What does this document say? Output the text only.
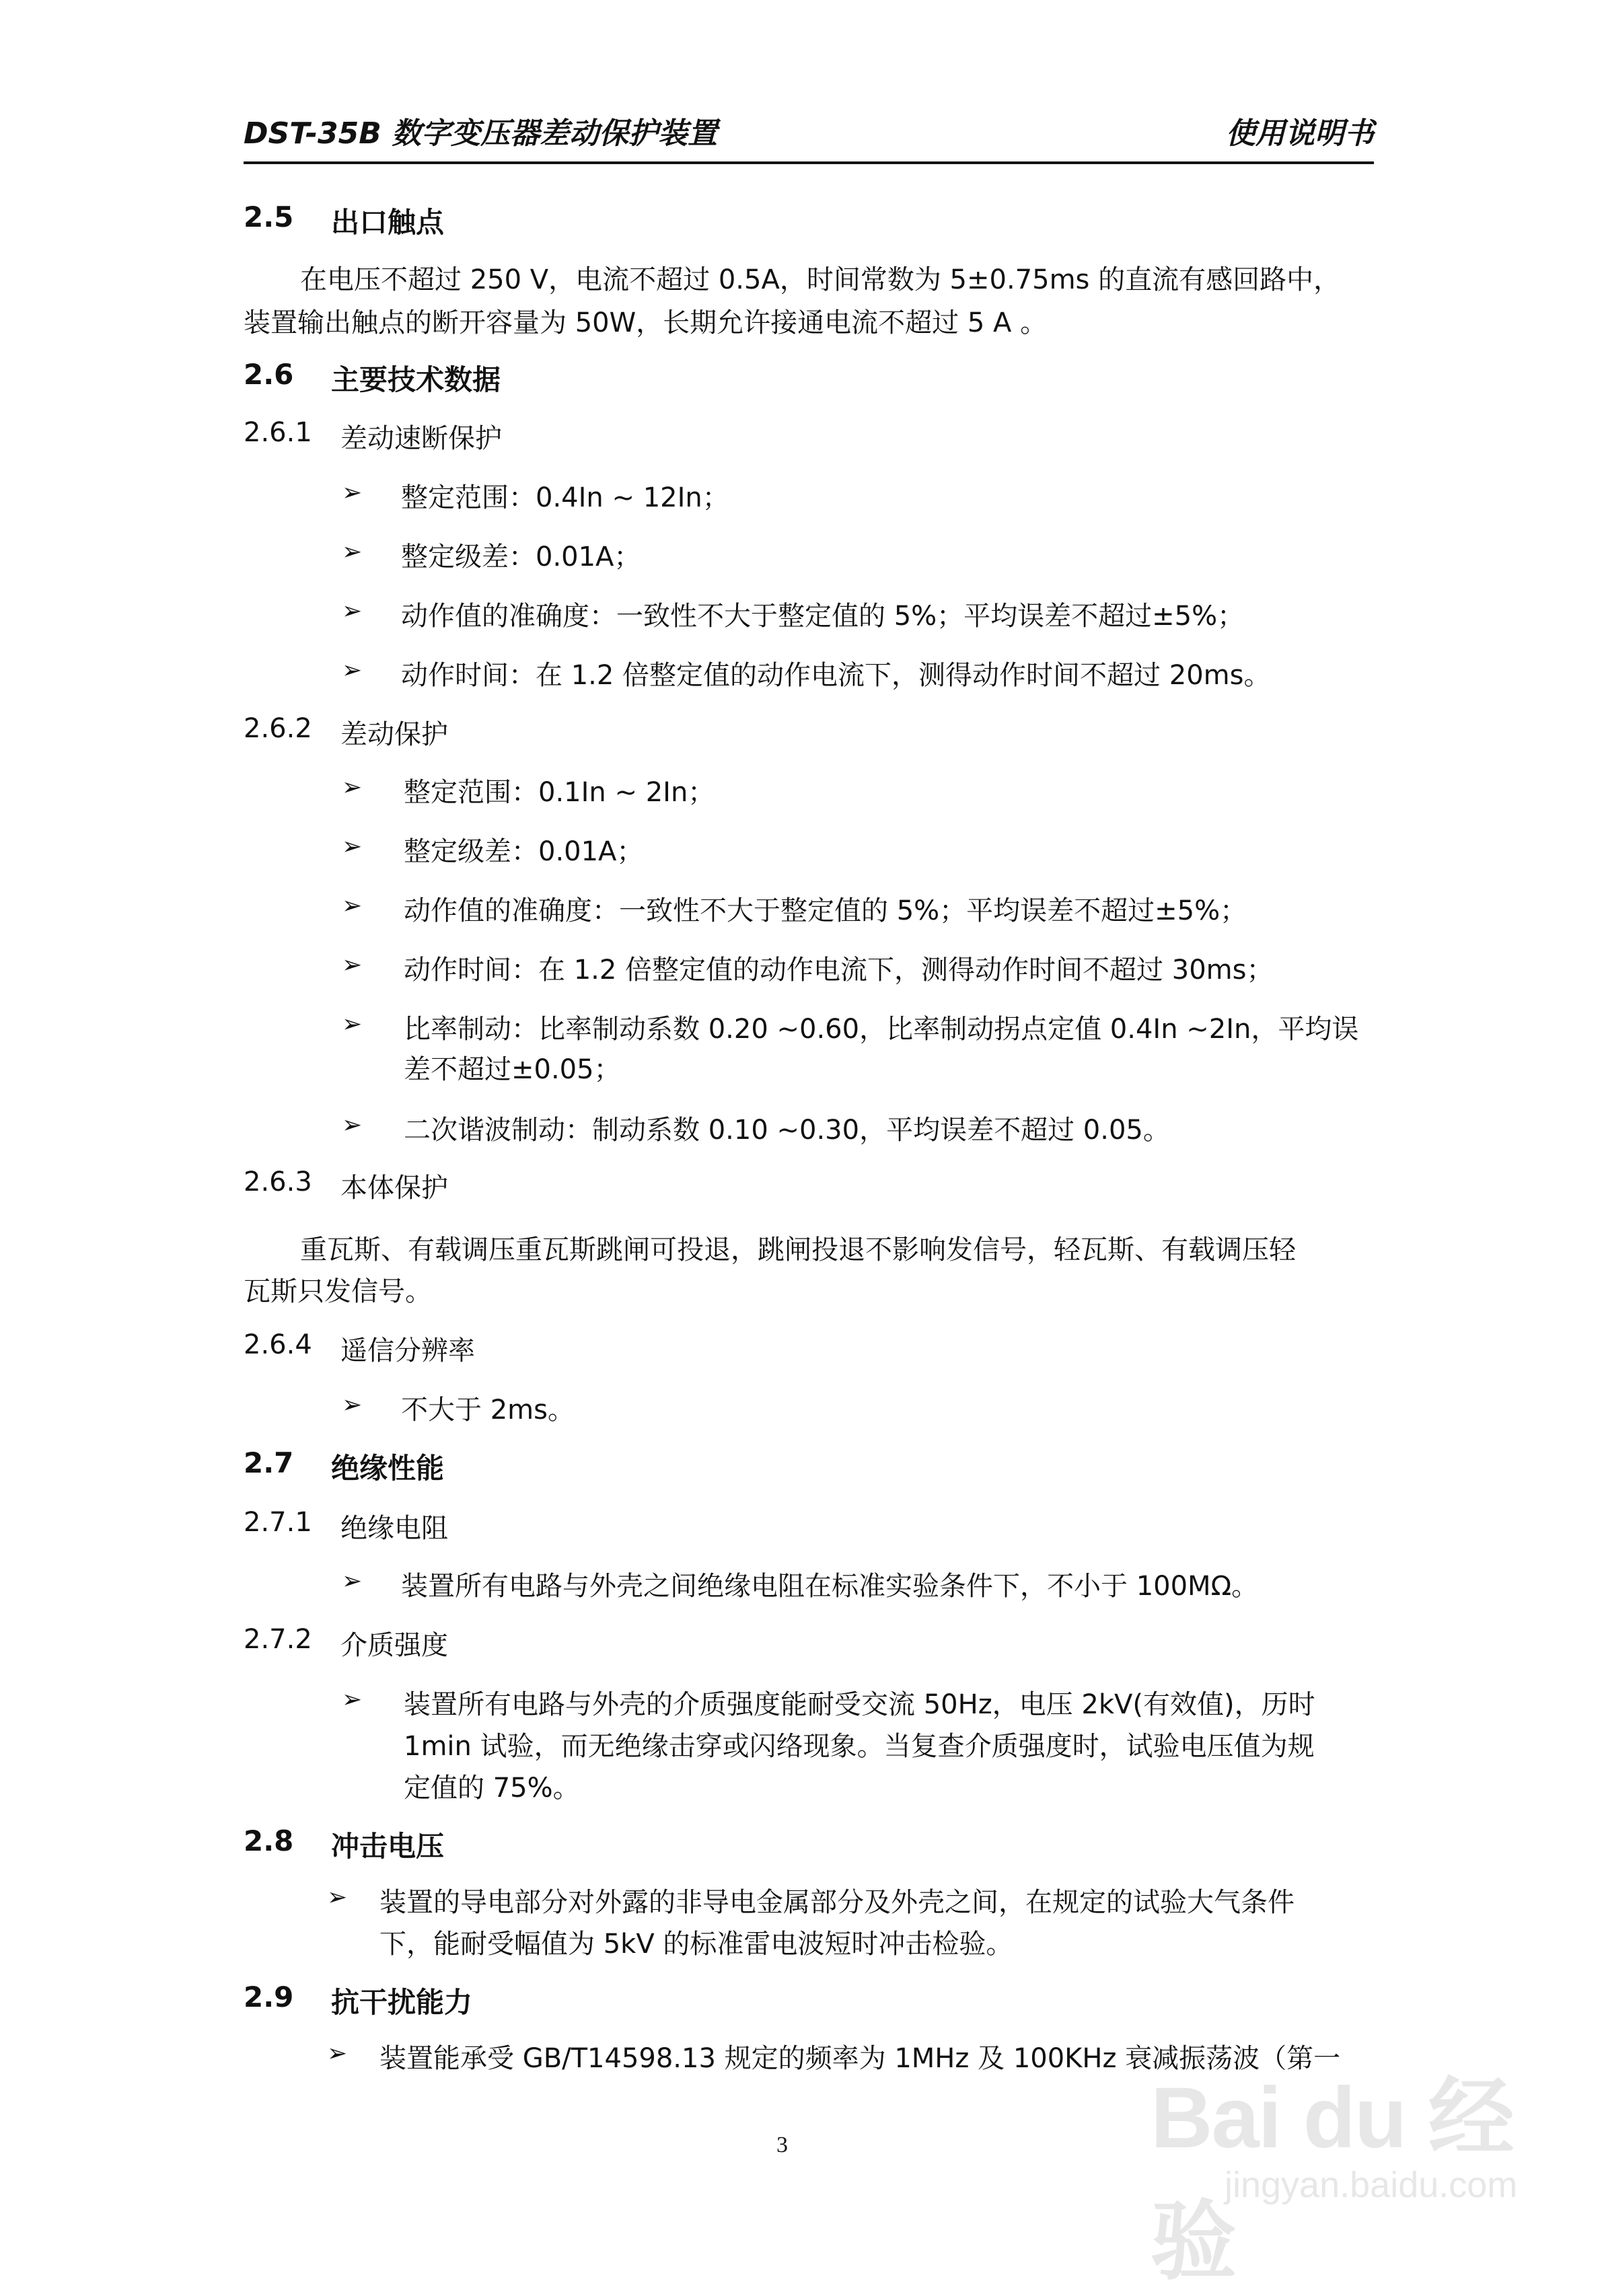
DST-35B 数字变压器差动保护装置	使用说明书
2.5 出口触点
在电压不超过 250 V，电流不超过 0.5A，时间常数为 5±0.75ms 的直流有感回路中，
装置输出触点的断开容量为 50W，长期允许接通电流不超过 5 A 。
2.6 主要技术数据
2.6.1 差动速断保护
➢ 整定范围：0.4In ~ 12In；
➢ 整定级差：0.01A；
➢ 动作值的准确度：一致性不大于整定值的 5%；平均误差不超过±5%；
➢ 动作时间：在 1.2 倍整定值的动作电流下，测得动作时间不超过 20ms。
2.6.2 差动保护
➢ 整定范围：0.1In ~ 2In；
➢ 整定级差：0.01A；
➢ 动作值的准确度：一致性不大于整定值的 5%；平均误差不超过±5%；
➢ 动作时间：在 1.2 倍整定值的动作电流下，测得动作时间不超过 30ms；
➢ 比率制动：比率制动系数 0.20 ~0.60，比率制动拐点定值 0.4In ~2In，平均误
差不超过±0.05；
➢ 二次谐波制动：制动系数 0.10 ~0.30，平均误差不超过 0.05。
2.6.3 本体保护
重瓦斯、有载调压重瓦斯跳闸可投退，跳闸投退不影响发信号，轻瓦斯、有载调压轻
瓦斯只发信号。
2.6.4 遥信分辨率
➢ 不大于 2ms。
2.7 绝缘性能
2.7.1 绝缘电阻
➢ 装置所有电路与外壳之间绝缘电阻在标准实验条件下，不小于 100MΩ。
2.7.2 介质强度
➢ 装置所有电路与外壳的介质强度能耐受交流 50Hz，电压 2kV(有效值)，历时
1min 试验，而无绝缘击穿或闪络现象。当复查介质强度时，试验电压值为规
定值的 75%。
2.8 冲击电压
➢ 装置的导电部分对外露的非导电金属部分及外壳之间，在规定的试验大气条件
下，能耐受幅值为 5kV 的标准雷电波短时冲击检验。
2.9 抗干扰能力
➢ 装置能承受 GB/T14598.13 规定的频率为 1MHz 及 100KHz 衰减振荡波（第一
3	Bai du 经验
jingyan.baidu.com
